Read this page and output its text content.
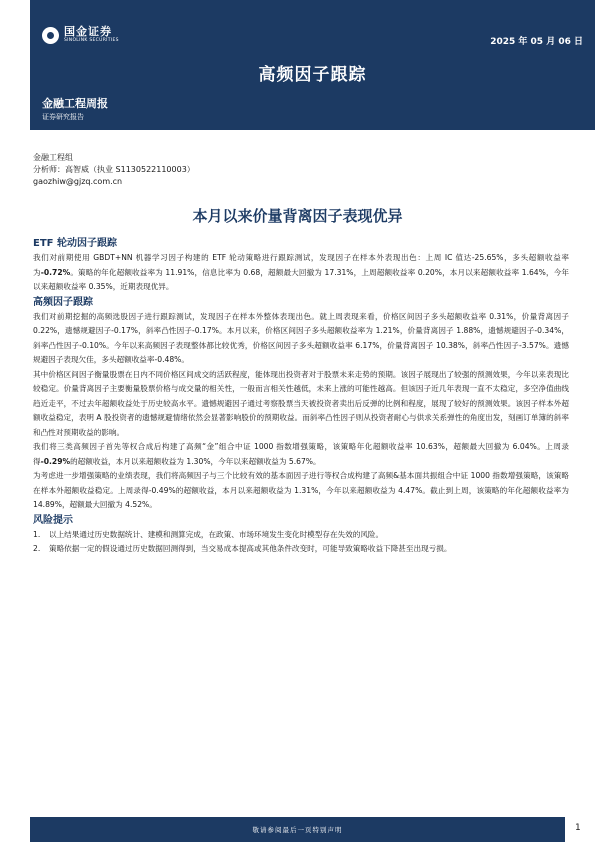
国金证券
SINOLINK SECURITIES	2025 年 05 月 06 日
高频因子跟踪
金融工程周报
证券研究报告
金融工程组
分析师：高智威（执业 S1130522110003）
gaozhiw@gjzq.com.cn
本月以来价量背离因子表现优异
ETF 轮动因子跟踪

我们对前期使用 GBDT+NN 机器学习因子构建的 ETF 轮动策略进行跟踪测试，发现因子在样本外表现出色：上周 IC 值达-25.65%，多头超额收益率为-0.72%。策略的年化超额收益率为 11.91%，信息比率为 0.68，超额最大回撤为 17.31%，上周超额收益率 0.20%，本月以来超额收益率 1.64%，今年以来超额收益率 0.35%，近期表现优异。

高频因子跟踪

我们对前期挖掘的高频选股因子进行跟踪测试，发现因子在样本外整体表现出色。就上周表现来看，价格区间因子多头超额收益率 0.31%，价量背离因子 0.22%，遗憾规避因子-0.17%，斜率凸性因子-0.17%。本月以来，价格区间因子多头超额收益率为 1.21%，价量背离因子 1.88%，遗憾规避因子-0.34%，斜率凸性因子-0.10%。今年以来高频因子表现整体都比较优秀，价格区间因子多头超额收益率 6.17%，价量背离因子 10.38%，斜率凸性因子-3.57%。遗憾规避因子表现欠佳，多头超额收益率-0.48%。

其中价格区间因子衡量股票在日内不同价格区间成交的活跃程度，能体现出投资者对于股票未来走势的预期。该因子展现出了较强的预测效果，今年以来表现比较稳定。价量背离因子主要衡量股票价格与成交量的相关性，一般而言相关性越低，未来上涨的可能性越高。但该因子近几年表现一直不太稳定，多空净值曲线趋近走平，不过去年超额收益处于历史较高水平。遗憾规避因子通过考察股票当天被投资者卖出后反弹的比例和程度，展现了较好的预测效果。该因子样本外超额收益稳定，表明 A 股投资者的遗憾规避情绪依然会显著影响股价的预期收益。而斜率凸性因子则从投资者耐心与供求关系弹性的角度出发，刻画订单簿的斜率和凸性对预期收益的影响。

我们将三类高频因子首先等权合成后构建了高频“金”组合中证 1000 指数增强策略，该策略年化超额收益率 10.63%，超额最大回撤为 6.04%。上周录得-0.29%的超额收益，本月以来超额收益为 1.30%，今年以来超额收益为 5.67%。

为考虑进一步增强策略的业绩表现，我们将高频因子与三个比较有效的基本面因子进行等权合成构建了高频&基本面共振组合中证 1000 指数增强策略，该策略在样本外超额收益稳定。上周录得-0.49%的超额收益，本月以来超额收益为 1.31%，今年以来超额收益为 4.47%。截止到上周，该策略的年化超额收益率为 14.89%，超额最大回撤为 4.52%。

风险提示
1.	以上结果通过历史数据统计、建模和测算完成，在政策、市场环境发生变化时模型存在失效的风险。
2.	策略依据一定的假设通过历史数据回测得到，当交易成本提高或其他条件改变时，可能导致策略收益下降甚至出现亏损。
敬请参阅最后一页特别声明	1
